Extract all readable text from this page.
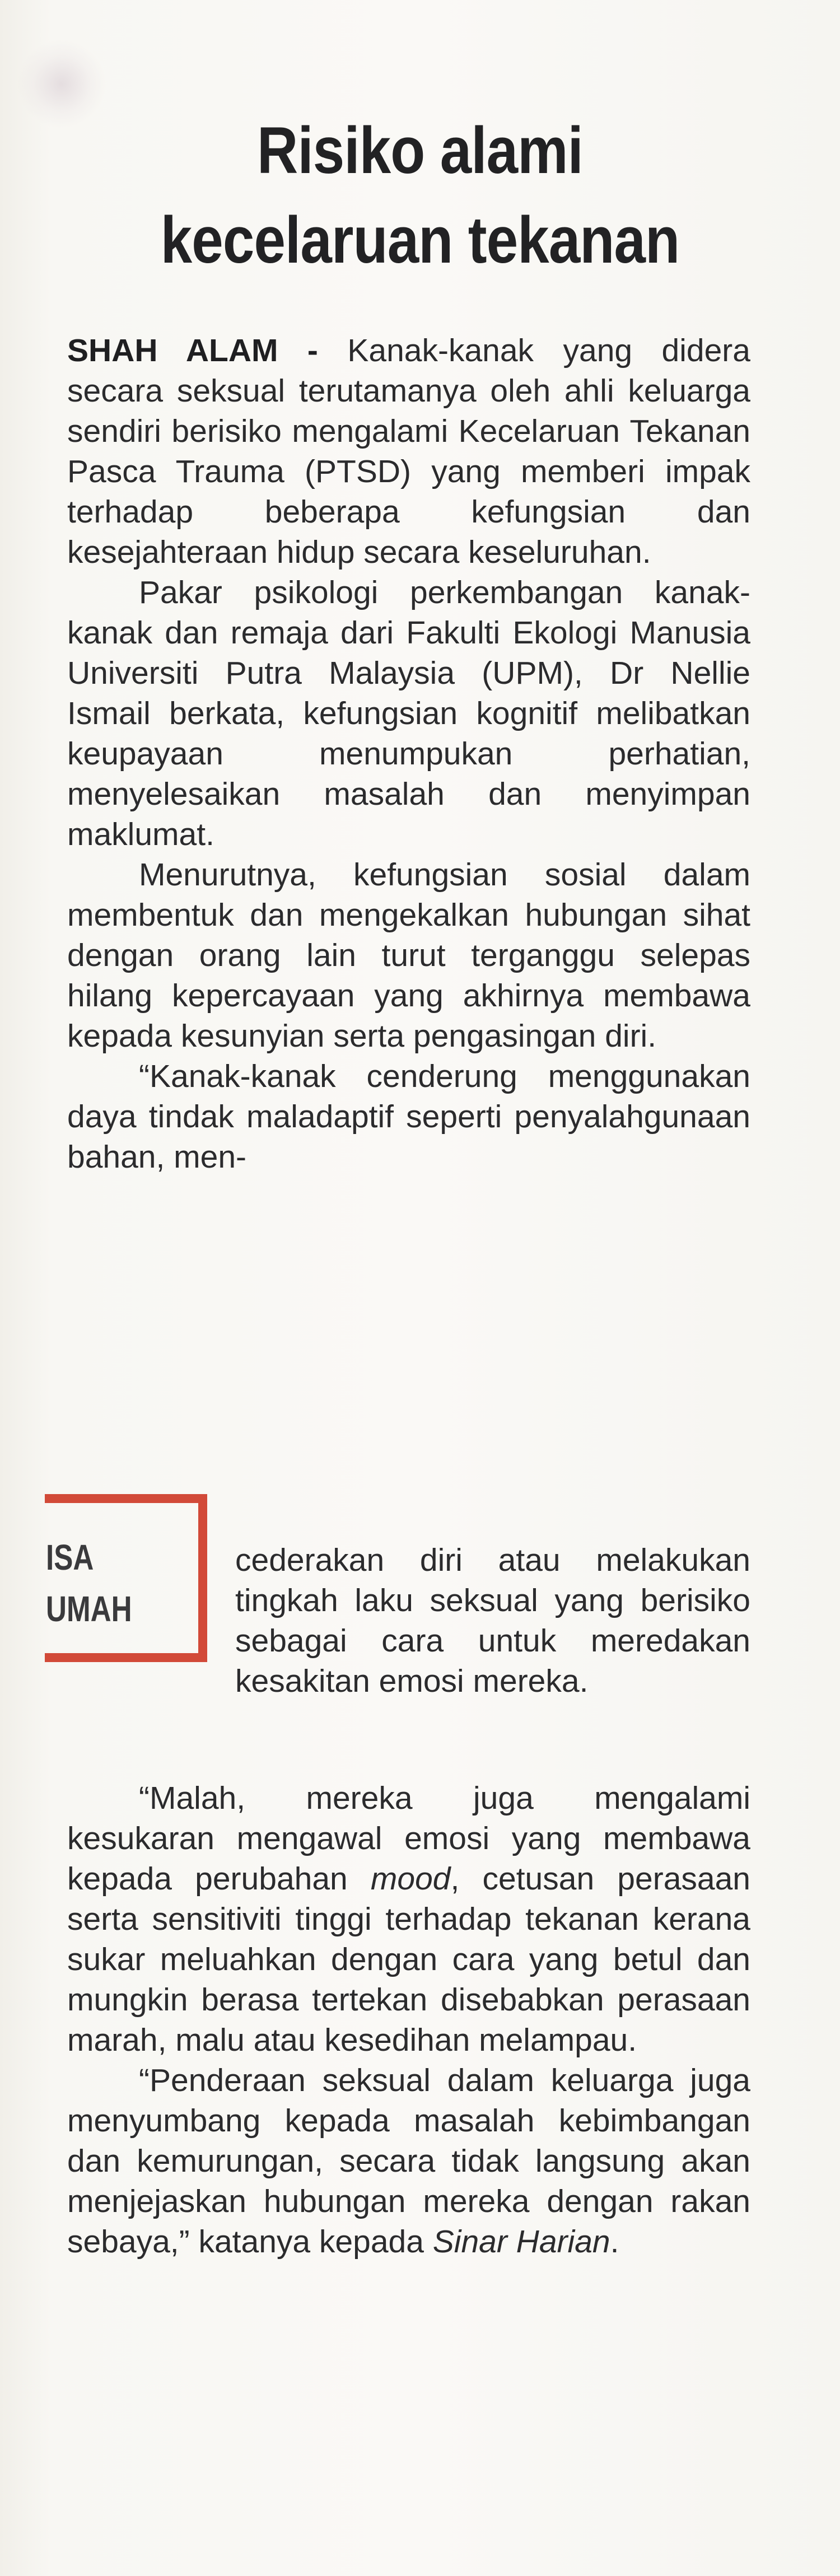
Risiko alami
kecelaruan tekanan

SHAH ALAM - Kanak-kanak yang didera secara seksual terutamanya oleh ahli keluarga sendiri berisiko mengalami Kecelaruan Tekanan Pasca Trauma (PTSD) yang memberi impak terhadap beberapa kefungsian dan kesejahteraan hidup secara keseluruhan.

Pakar psikologi perkembangan kanak-kanak dan remaja dari Fakulti Ekologi Manusia Universiti Putra Malaysia (UPM), Dr Nellie Ismail berkata, kefungsian kognitif melibatkan keupayaan menumpukan perhatian, menyelesaikan masalah dan menyimpan maklumat.

Menurutnya, kefungsian sosial dalam membentuk dan mengekalkan hubungan sihat dengan orang lain turut terganggu selepas hilang kepercayaan yang akhirnya membawa kepada kesunyian serta pengasingan diri.

“Kanak-kanak cenderung menggunakan daya tindak maladaptif seperti penyalahgunaan bahan, men-

ISA
UMAH

cederakan diri atau melakukan tingkah laku seksual yang berisiko sebagai cara untuk meredakan kesakitan emosi mereka.

“Malah, mereka juga mengalami kesukaran mengawal emosi yang membawa kepada perubahan mood, cetusan perasaan serta sensitiviti tinggi terhadap tekanan kerana sukar meluahkan dengan cara yang betul dan mungkin berasa tertekan disebabkan perasaan marah, malu atau kesedihan melampau.

“Penderaan seksual dalam keluarga juga menyumbang kepada masalah kebimbangan dan kemurungan, secara tidak langsung akan menjejaskan hubungan mereka dengan rakan sebaya,” katanya kepada Sinar Harian.
